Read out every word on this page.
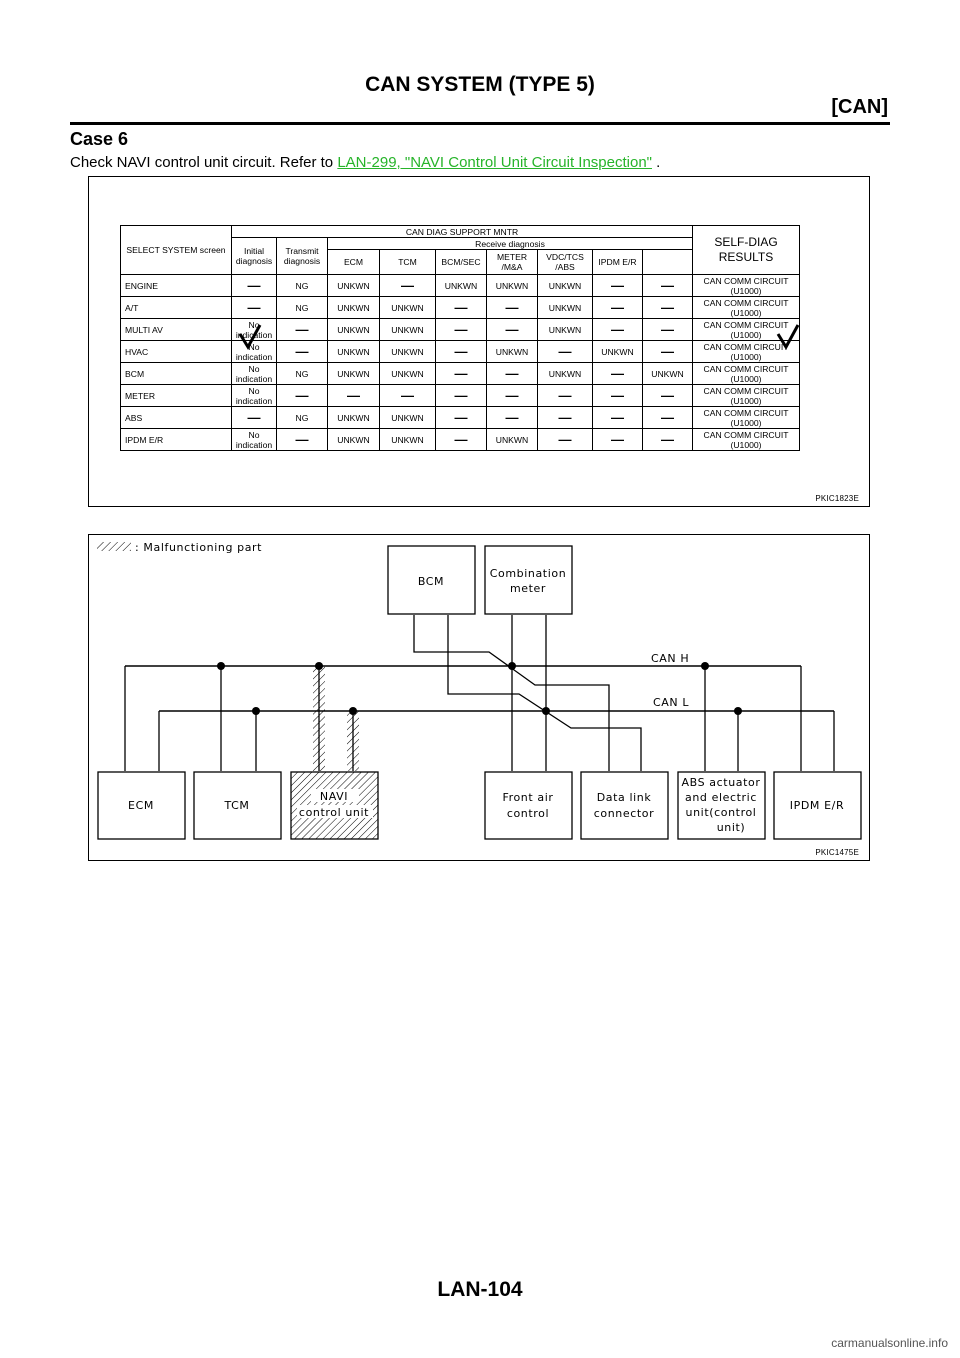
CAN SYSTEM (TYPE 5)
[CAN]
Case 6
Check NAVI control unit circuit. Refer to LAN-299, "NAVI Control Unit Circuit Inspection" .
SELECT SYSTEM screen	CAN DIAG SUPPORT MNTR									SELF-DIAG RESULTS
	Initial diagnosis	Transmit diagnosis	Receive diagnosis							
			ECM	TCM	BCM/SEC	METER /M&A	VDC/TCS /ABS	IPDM E/R		
ENGINE	—	NG	UNKWN	—	UNKWN	UNKWN	UNKWN	—	—	CAN COMM CIRCUIT (U1000)
A/T	—	NG	UNKWN	UNKWN	—	—	UNKWN	—	—	CAN COMM CIRCUIT (U1000)
MULTI AV	No indication	—	UNKWN	UNKWN	—	—	UNKWN	—	—	CAN COMM CIRCUIT (U1000)
HVAC	No indication	—	UNKWN	UNKWN	—	UNKWN	—	UNKWN	—	CAN COMM CIRCUIT (U1000)
BCM	No indication	NG	UNKWN	UNKWN	—	—	UNKWN	—	UNKWN	CAN COMM CIRCUIT (U1000)
METER	No indication	—	—	—	—	—	—	—	—	CAN COMM CIRCUIT (U1000)
ABS	—	NG	UNKWN	UNKWN	—	—	—	—	—	CAN COMM CIRCUIT (U1000)
IPDM E/R	No indication	—	UNKWN	UNKWN	—	UNKWN	—	—	—	CAN COMM CIRCUIT (U1000)
PKIC1823E
: Malfunctioning part
CAN H
CAN L
BCM
Combination
meter
ECM	TCM
NAVI
control unit
Front air
control
Data link
connector
ABS actuator
and electric
unit(control
unit)
IPDM E/R
PKIC1475E
LAN-104
carmanualsonline.info
